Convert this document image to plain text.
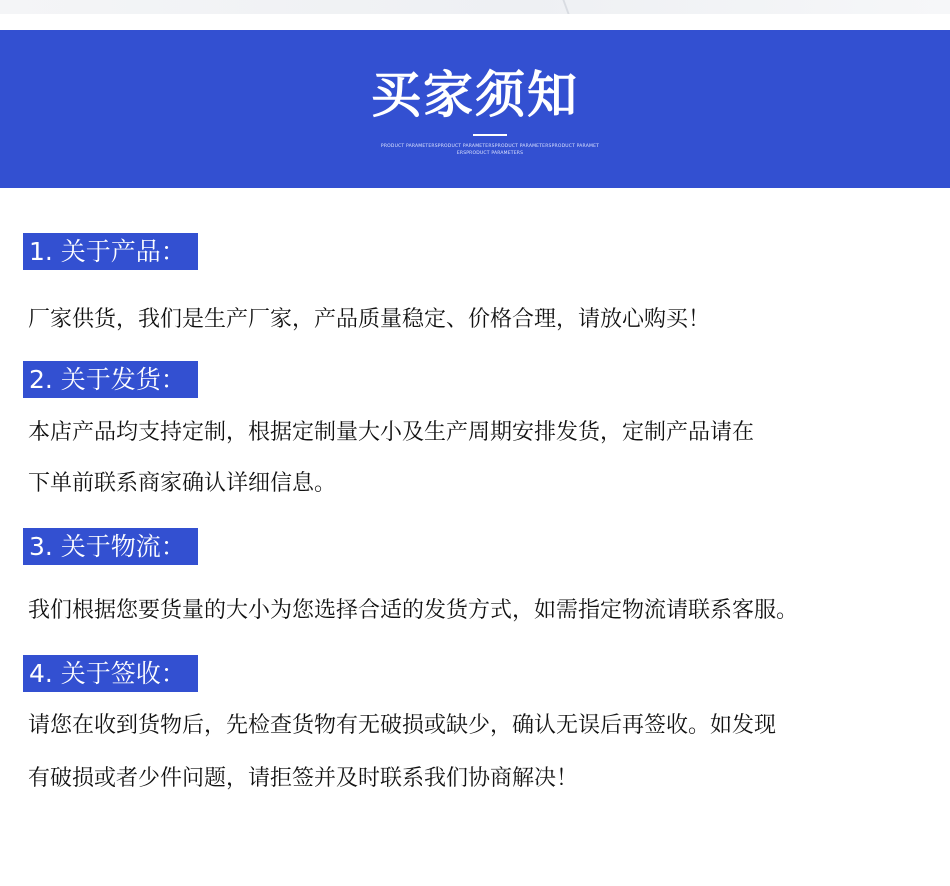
买家须知
PRODUCT PARAMETERSPRODUCT PARAMETERSPRODUCT PARAMETERSPRODUCT PARAMETERSPRODUCT PARAMETERS
1. 关于产品：

厂家供货，我们是生产厂家，产品质量稳定、价格合理，请放心购买！

2. 关于发货：

本店产品均支持定制，根据定制量大小及生产周期安排发货，定制产品请在

下单前联系商家确认详细信息。

3. 关于物流：

我们根据您要货量的大小为您选择合适的发货方式，如需指定物流请联系客服。

4. 关于签收：

请您在收到货物后，先检查货物有无破损或缺少，确认无误后再签收。如发现

有破损或者少件问题，请拒签并及时联系我们协商解决！
